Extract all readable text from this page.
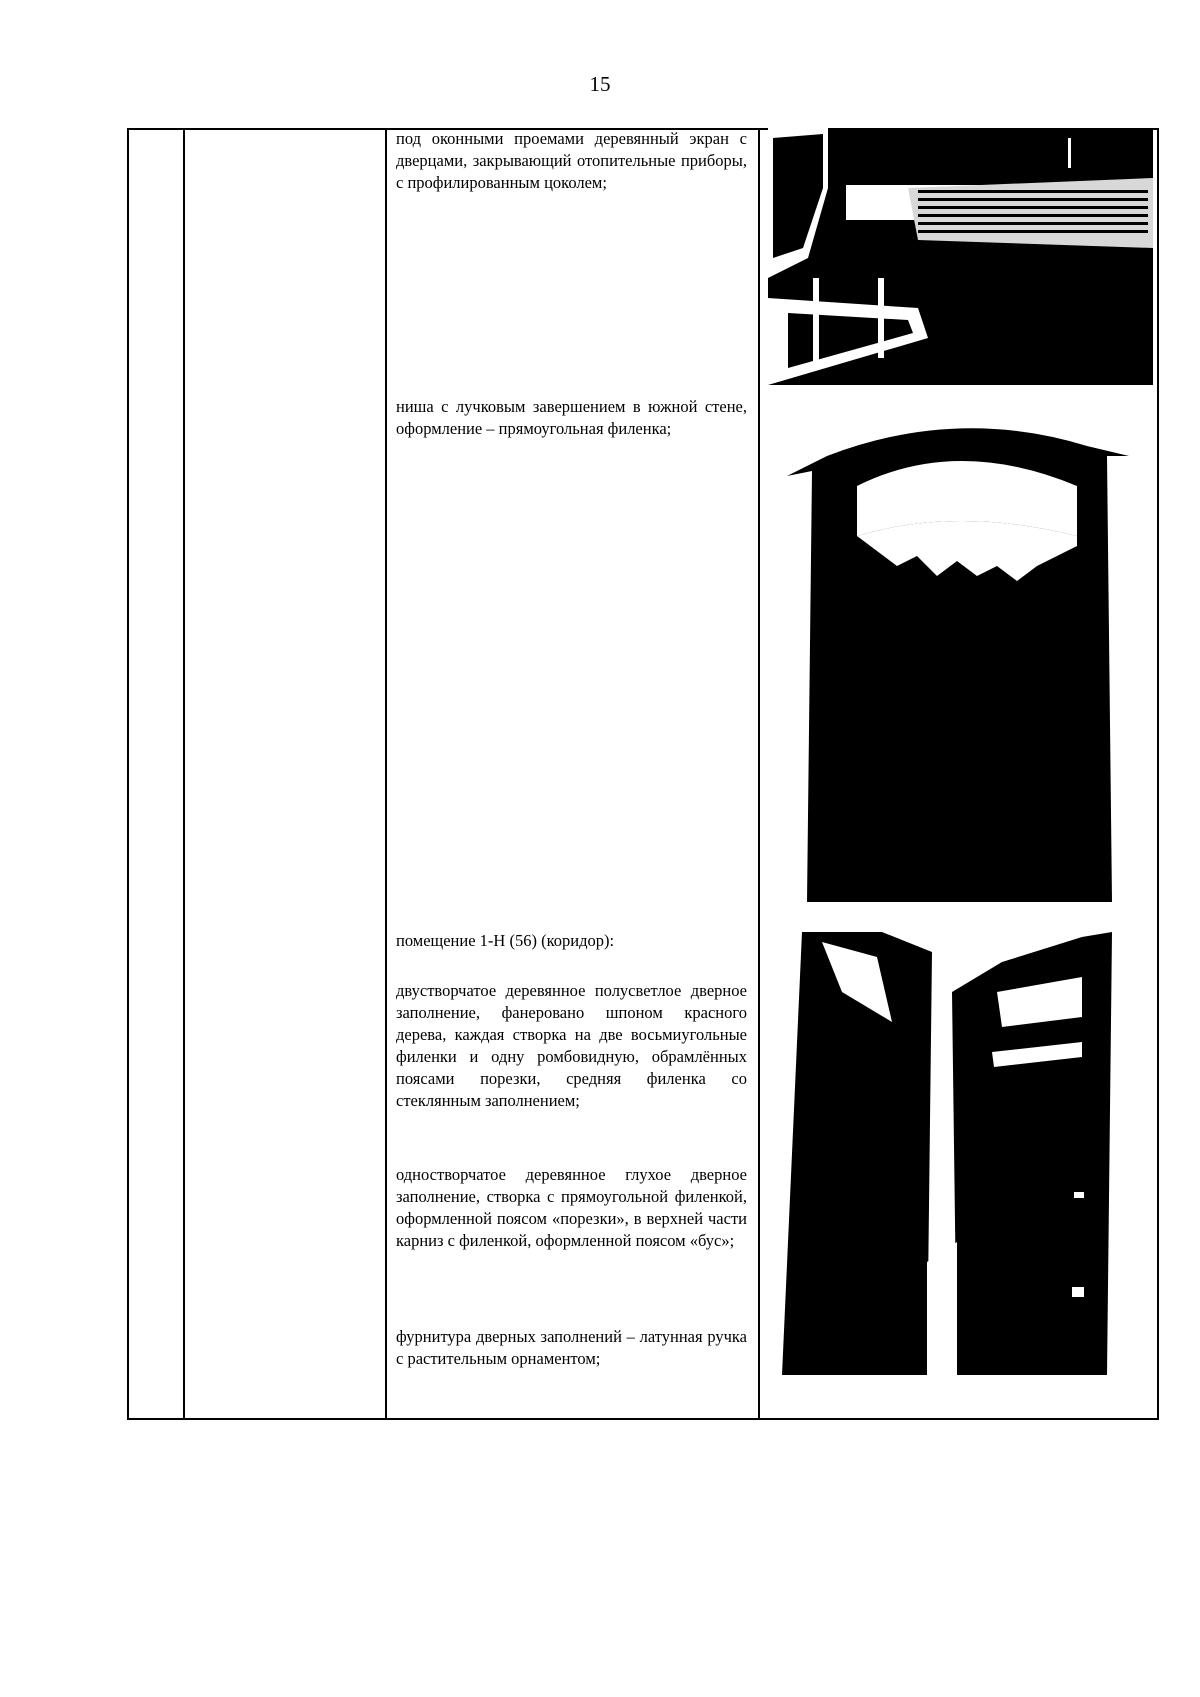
15

под оконными проемами деревянный экран с дверцами, закрывающий отопительные приборы, с профилированным цоколем;

ниша с лучковым завершением в южной стене, оформление – прямоугольная филенка;

помещение 1-Н (56) (коридор):

двустворчатое деревянное полусветлое дверное заполнение, фанеровано шпоном красного дерева, каждая створка на две восьмиугольные филенки и одну ромбовидную, обрамлённых поясами порезки, средняя филенка со стеклянным заполнением;

одностворчатое деревянное глухое дверное заполнение, створка с прямоугольной филенкой, оформленной поясом «порезки», в верхней части карниз с филенкой, оформленной поясом «бус»;

фурнитура дверных заполнений – латунная ручка с растительным орнаментом;
